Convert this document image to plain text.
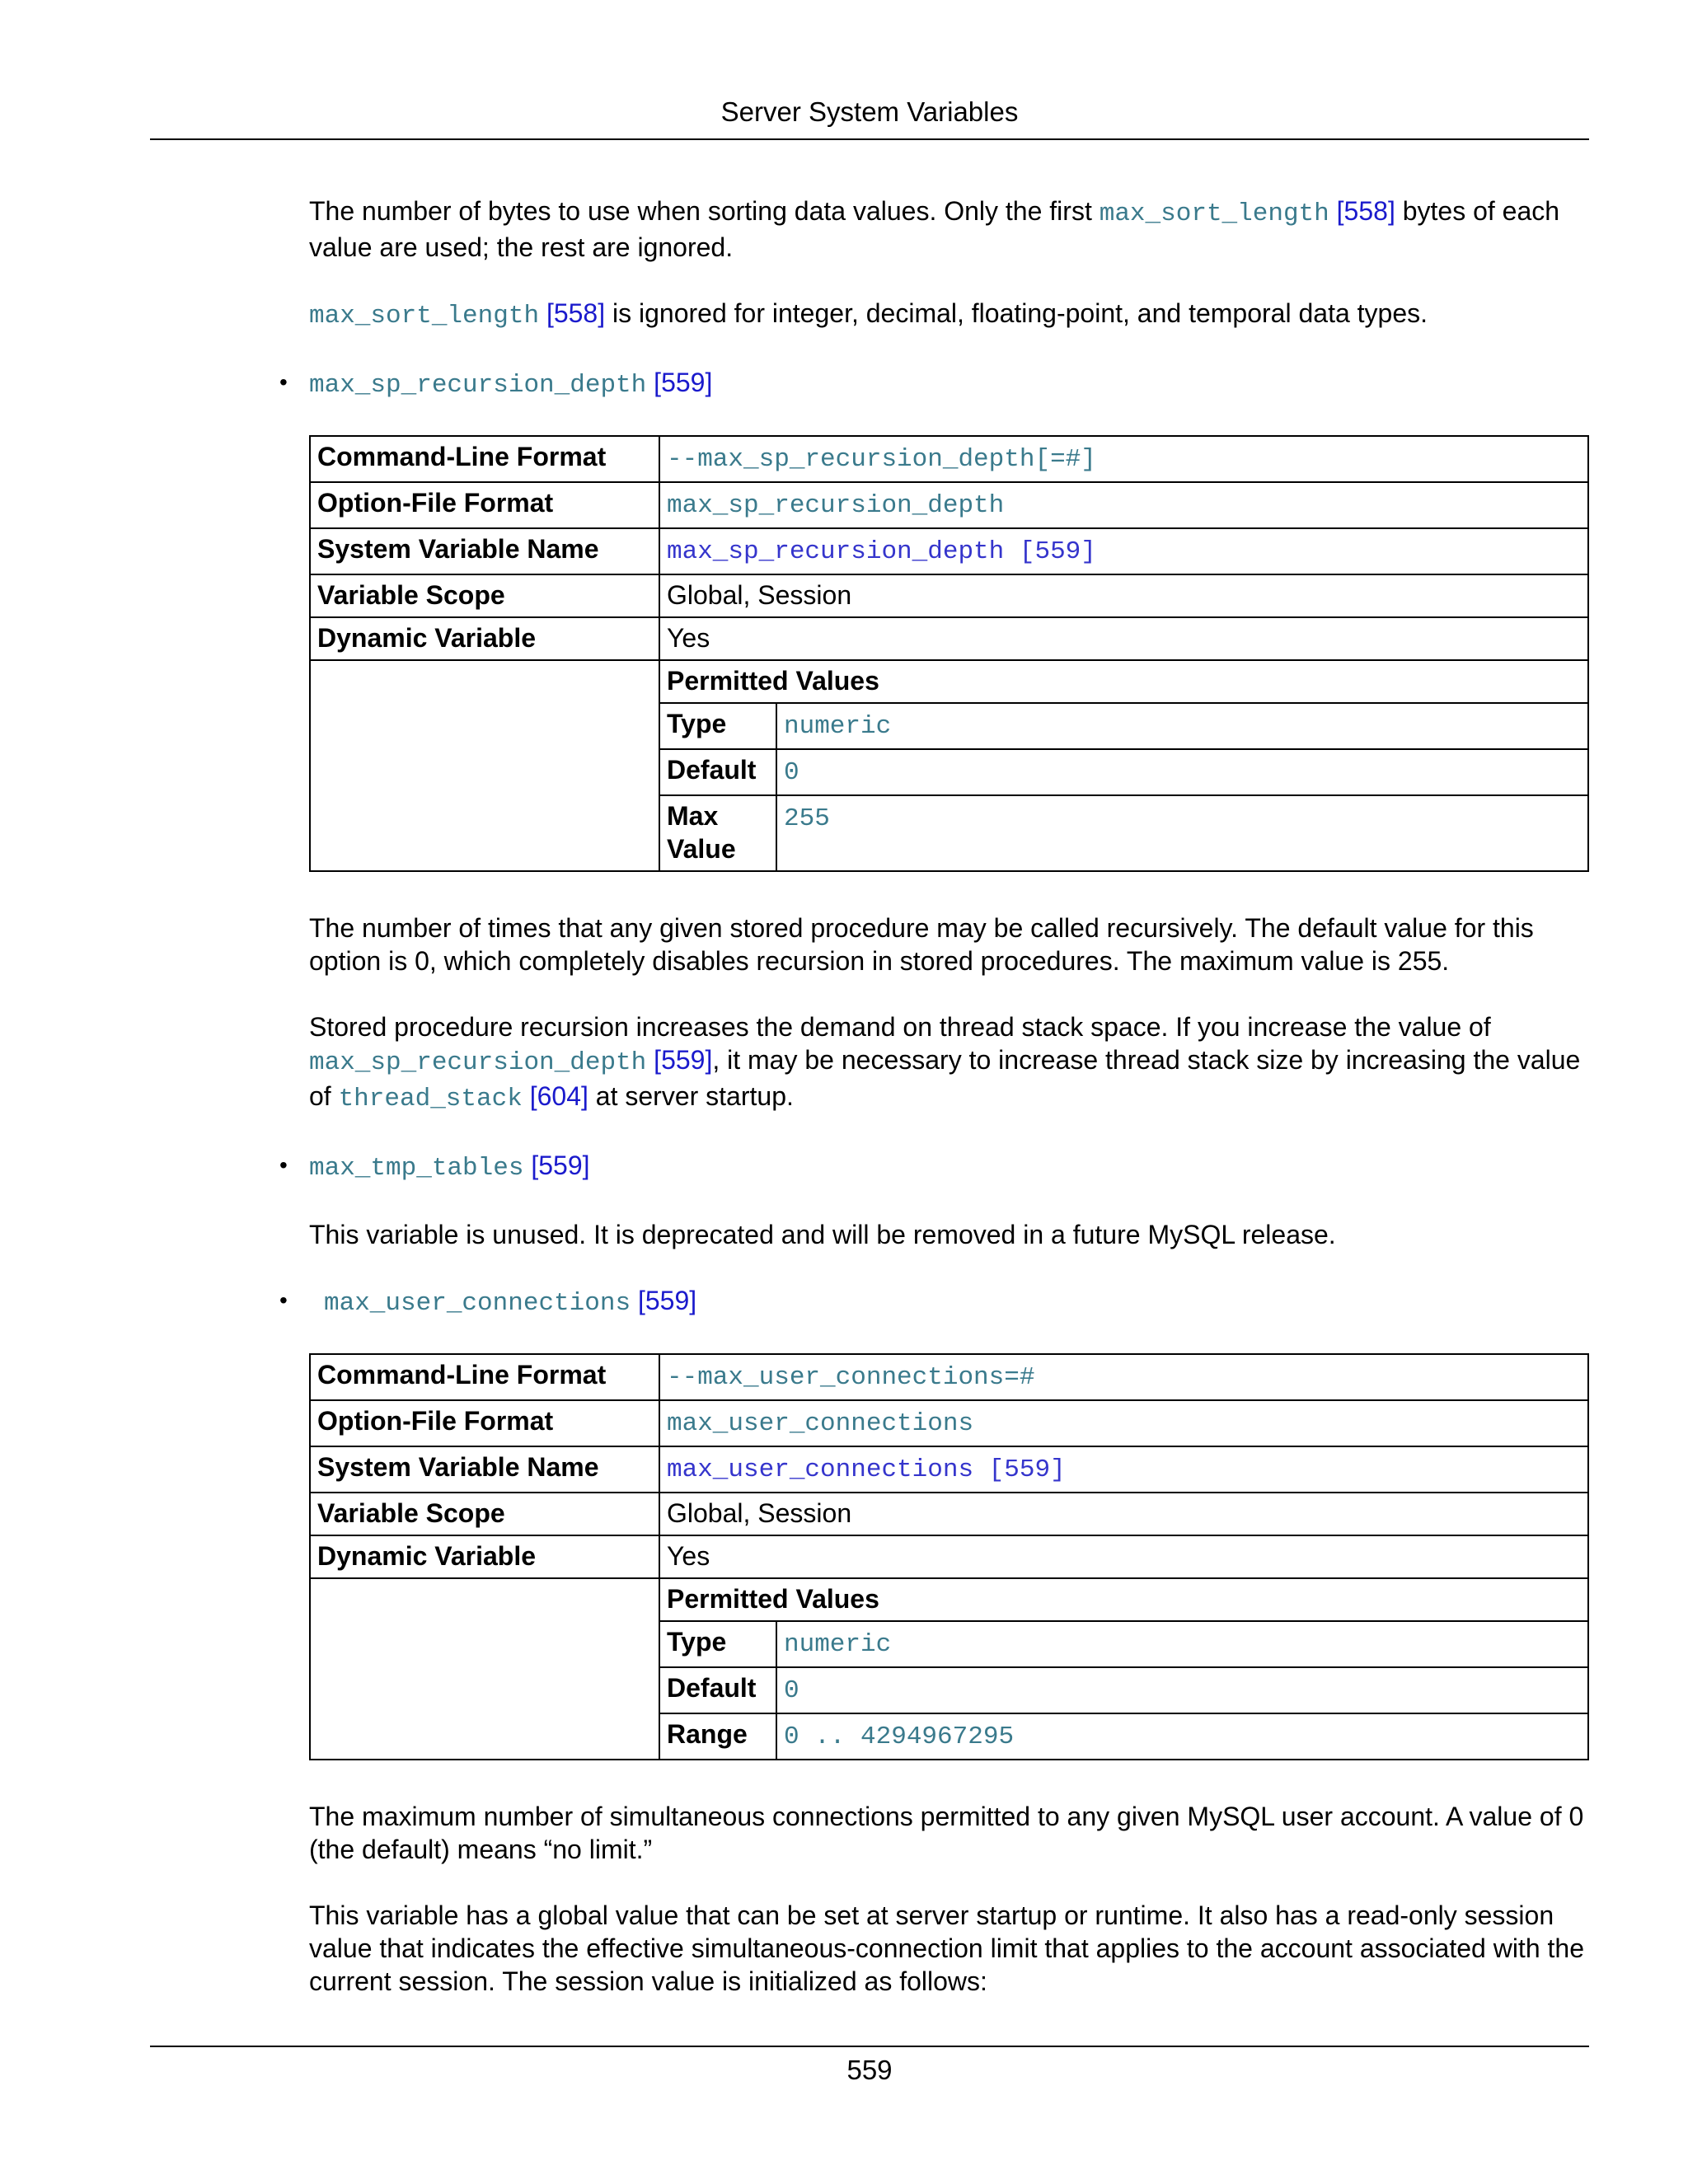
Server System Variables

The number of bytes to use when sorting data values. Only the first max_sort_length [558] bytes of each value are used; the rest are ignored.

max_sort_length [558] is ignored for integer, decimal, floating-point, and temporal data types.

• max_sp_recursion_depth [559]
Command-Line Format	--max_sp_recursion_depth[=#]
Option-File Format	max_sp_recursion_depth
System Variable Name	max_sp_recursion_depth [559]
Variable Scope	Global, Session
Dynamic Variable	Yes

Permitted Values
Type	numeric
Default	0
Max Value	255

The number of times that any given stored procedure may be called recursively. The default value for this option is 0, which completely disables recursion in stored procedures. The maximum value is 255.

Stored procedure recursion increases the demand on thread stack space. If you increase the value of max_sp_recursion_depth [559], it may be necessary to increase thread stack size by increasing the value of thread_stack [604] at server startup.

• max_tmp_tables [559]

This variable is unused. It is deprecated and will be removed in a future MySQL release.

• max_user_connections [559]
Command-Line Format	--max_user_connections=#
Option-File Format	max_user_connections
System Variable Name	max_user_connections [559]
Variable Scope	Global, Session
Dynamic Variable	Yes

Permitted Values
Type	numeric
Default	0
Range	0 .. 4294967295

The maximum number of simultaneous connections permitted to any given MySQL user account. A value of 0 (the default) means “no limit.”

This variable has a global value that can be set at server startup or runtime. It also has a read-only session value that indicates the effective simultaneous-connection limit that applies to the account associated with the current session. The session value is initialized as follows:

559
